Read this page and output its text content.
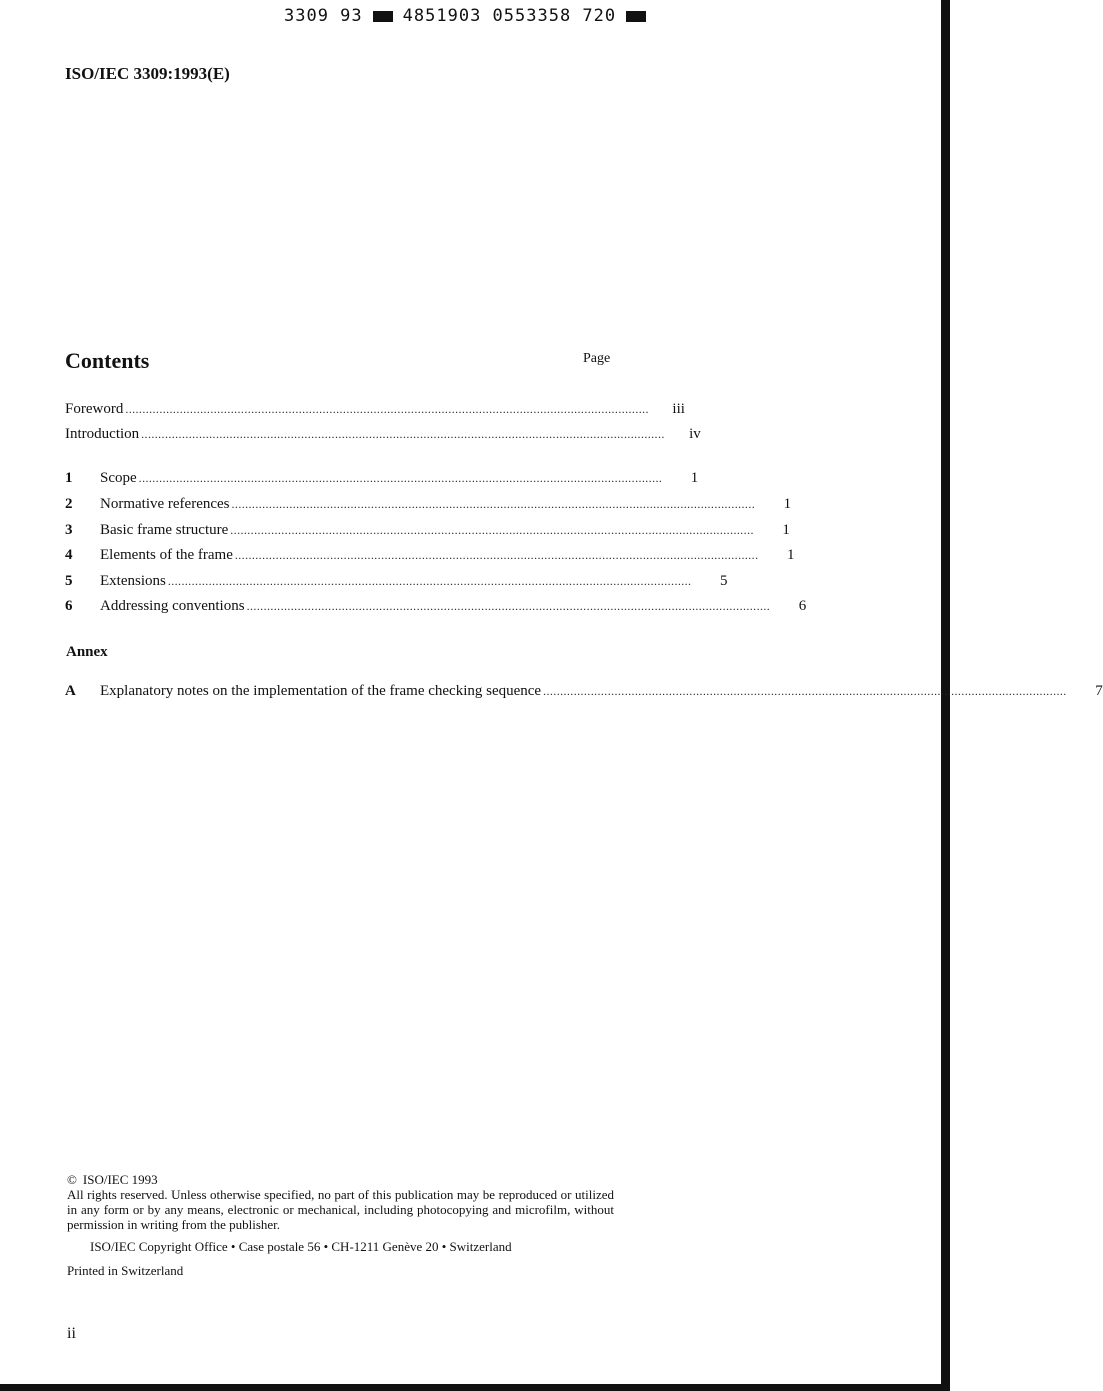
3309 93 4851903 0553358 720
ISO/IEC 3309:1993(E)
Contents	Page
Foreword ..........................................................................................................................................................	iii
Introduction ..........................................................................................................................................................	iv
1	Scope ..........................................................................................................................................................	1
2	Normative references ..........................................................................................................................................................	1
3	Basic frame structure ..........................................................................................................................................................	1
4	Elements of the frame ..........................................................................................................................................................	1
5	Extensions ..........................................................................................................................................................	5
6	Addressing conventions ..........................................................................................................................................................	6
Annex
A	Explanatory notes on the implementation of the frame checking sequence ..........................................................................................................................................................	7
© ISO/IEC 1993
All rights reserved. Unless otherwise specified, no part of this publication may be reproduced or utilized in any form or by any means, electronic or mechanical, including photocopying and microfilm, without permission in writing from the publisher.
ISO/IEC Copyright Office • Case postale 56 • CH-1211 Genève 20 • Switzerland
Printed in Switzerland
ii
